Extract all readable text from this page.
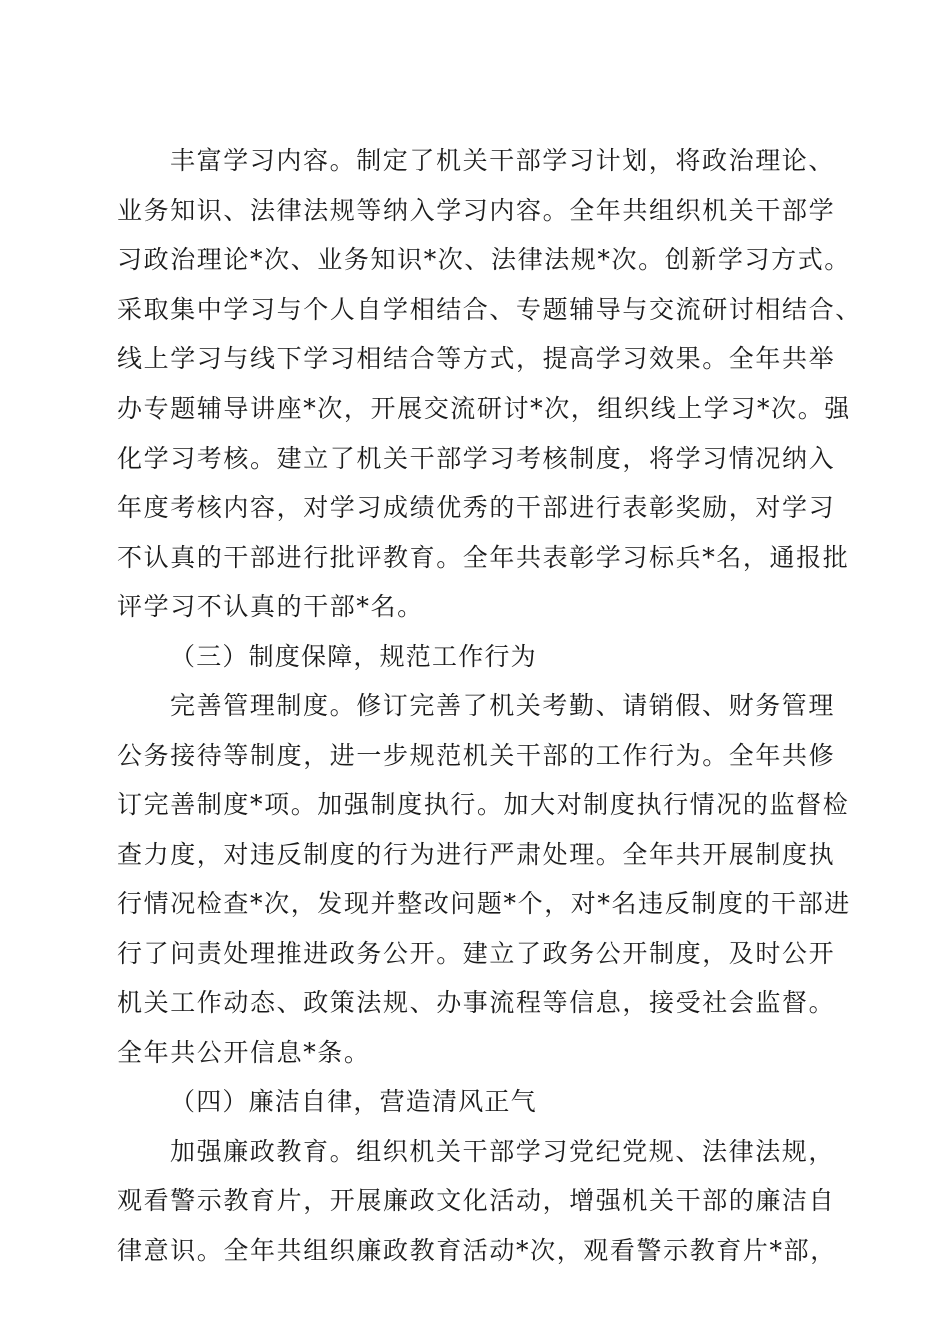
丰富学习内容。制定了机关干部学习计划，将政治理论、

业务知识、法律法规等纳入学习内容。全年共组织机关干部学

习政治理论*次、业务知识*次、法律法规*次。创新学习方式。

采取集中学习与个人自学相结合、专题辅导与交流研讨相结合、

线上学习与线下学习相结合等方式，提高学习效果。全年共举

办专题辅导讲座*次，开展交流研讨*次，组织线上学习*次。强

化学习考核。建立了机关干部学习考核制度，将学习情况纳入

年度考核内容，对学习成绩优秀的干部进行表彰奖励，对学习

不认真的干部进行批评教育。全年共表彰学习标兵*名，通报批

评学习不认真的干部*名。

（三）制度保障，规范工作行为

完善管理制度。修订完善了机关考勤、请销假、财务管理

公务接待等制度，进一步规范机关干部的工作行为。全年共修

订完善制度*项。加强制度执行。加大对制度执行情况的监督检

查力度，对违反制度的行为进行严肃处理。全年共开展制度执

行情况检查*次，发现并整改问题*个，对*名违反制度的干部进

行了问责处理推进政务公开。建立了政务公开制度，及时公开

机关工作动态、政策法规、办事流程等信息，接受社会监督。

全年共公开信息*条。

（四）廉洁自律，营造清风正气

加强廉政教育。组织机关干部学习党纪党规、法律法规，

观看警示教育片，开展廉政文化活动，增强机关干部的廉洁自

律意识。全年共组织廉政教育活动*次，观看警示教育片*部，
